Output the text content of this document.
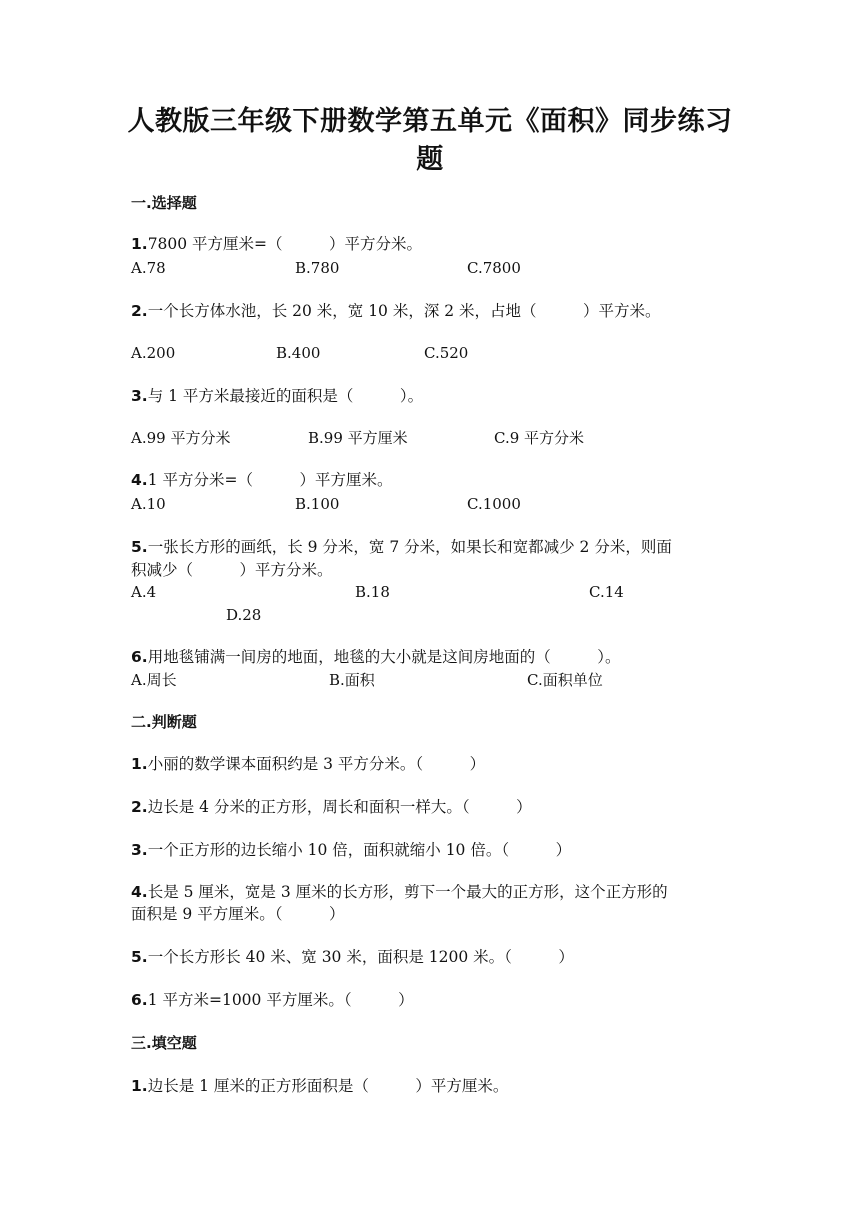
人教版三年级下册数学第五单元《面积》同步练习
题
一.选择题
1.7800 平方厘米=（　　　）平方分米。
A.78	B.780	C.7800
2.一个长方体水池，长 20 米，宽 10 米，深 2 米，占地（　　　）平方米。
A.200	B.400	C.520
3.与 1 平方米最接近的面积是（　　　）。
A.99 平方分米	B.99 平方厘米	C.9 平方分米
4.1 平方分米=（　　　）平方厘米。
A.10	B.100	C.1000
5.一张长方形的画纸，长 9 分米，宽 7 分米，如果长和宽都减少 2 分米，则面
积减少（　　　）平方分米。
A.4	B.18	C.14
D.28
6.用地毯铺满一间房的地面，地毯的大小就是这间房地面的（　　　）。
A.周长	B.面积	C.面积单位
二.判断题
1.小丽的数学课本面积约是 3 平方分米。（　　　）
2.边长是 4 分米的正方形，周长和面积一样大。（　　　）
3.一个正方形的边长缩小 10 倍，面积就缩小 10 倍。（　　　）
4.长是 5 厘米，宽是 3 厘米的长方形，剪下一个最大的正方形，这个正方形的
面积是 9 平方厘米。（　　　）
5.一个长方形长 40 米、宽 30 米，面积是 1200 米。（　　　）
6.1 平方米=1000 平方厘米。（　　　）
三.填空题
1.边长是 1 厘米的正方形面积是（　　　）平方厘米。
